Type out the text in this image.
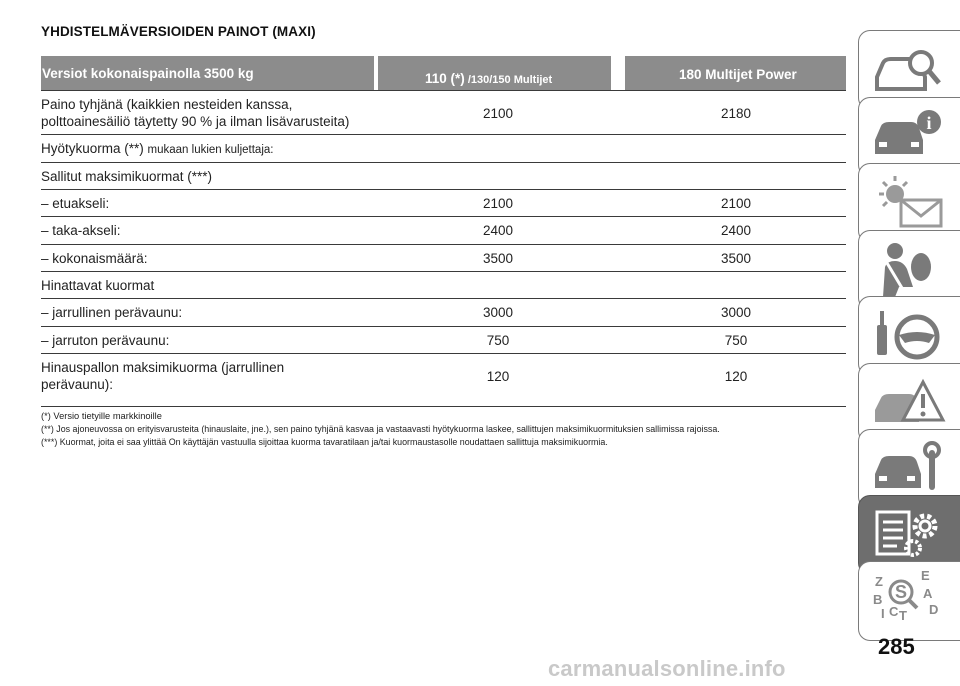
YHDISTELMÄVERSIOIDEN PAINOT (MAXI)
Versiot kokonaispainolla 3500 kg	110 (*) /130/150 Multijet	180 Multijet Power
Paino tyhjänä (kaikkien nesteiden kanssa,
polttoainesäiliö täytetty 90 % ja ilman lisävarusteita)
2100	2180
Hyötykuorma (**) mukaan lukien kuljettaja:
Sallitut maksimikuormat (***)
– etuakseli:	2100	2100
– taka-akseli:	2400	2400
– kokonaismäärä:	3500	3500
Hinattavat kuormat
– jarrullinen perävaunu:	3000	3000
– jarruton perävaunu:	750	750
Hinauspallon maksimikuorma (jarrullinen
perävaunu):
120	120
(*) Versio tietyille markkinoille
(**) Jos ajoneuvossa on erityisvarusteita (hinauslaite, jne.), sen paino tyhjänä kasvaa ja vastaavasti hyötykuorma laskee, sallittujen maksimikuormituksien sallimissa rajoissa.
(***) Kuormat, joita ei saa ylittää On käyttäjän vastuulla sijoittaa kuorma tavaratilaan ja/tai kuormaustasolle noudattaen sallittuja maksimikuormia.
i
Z	E
S A
B
C T D
I
285
carmanualsonline.info
